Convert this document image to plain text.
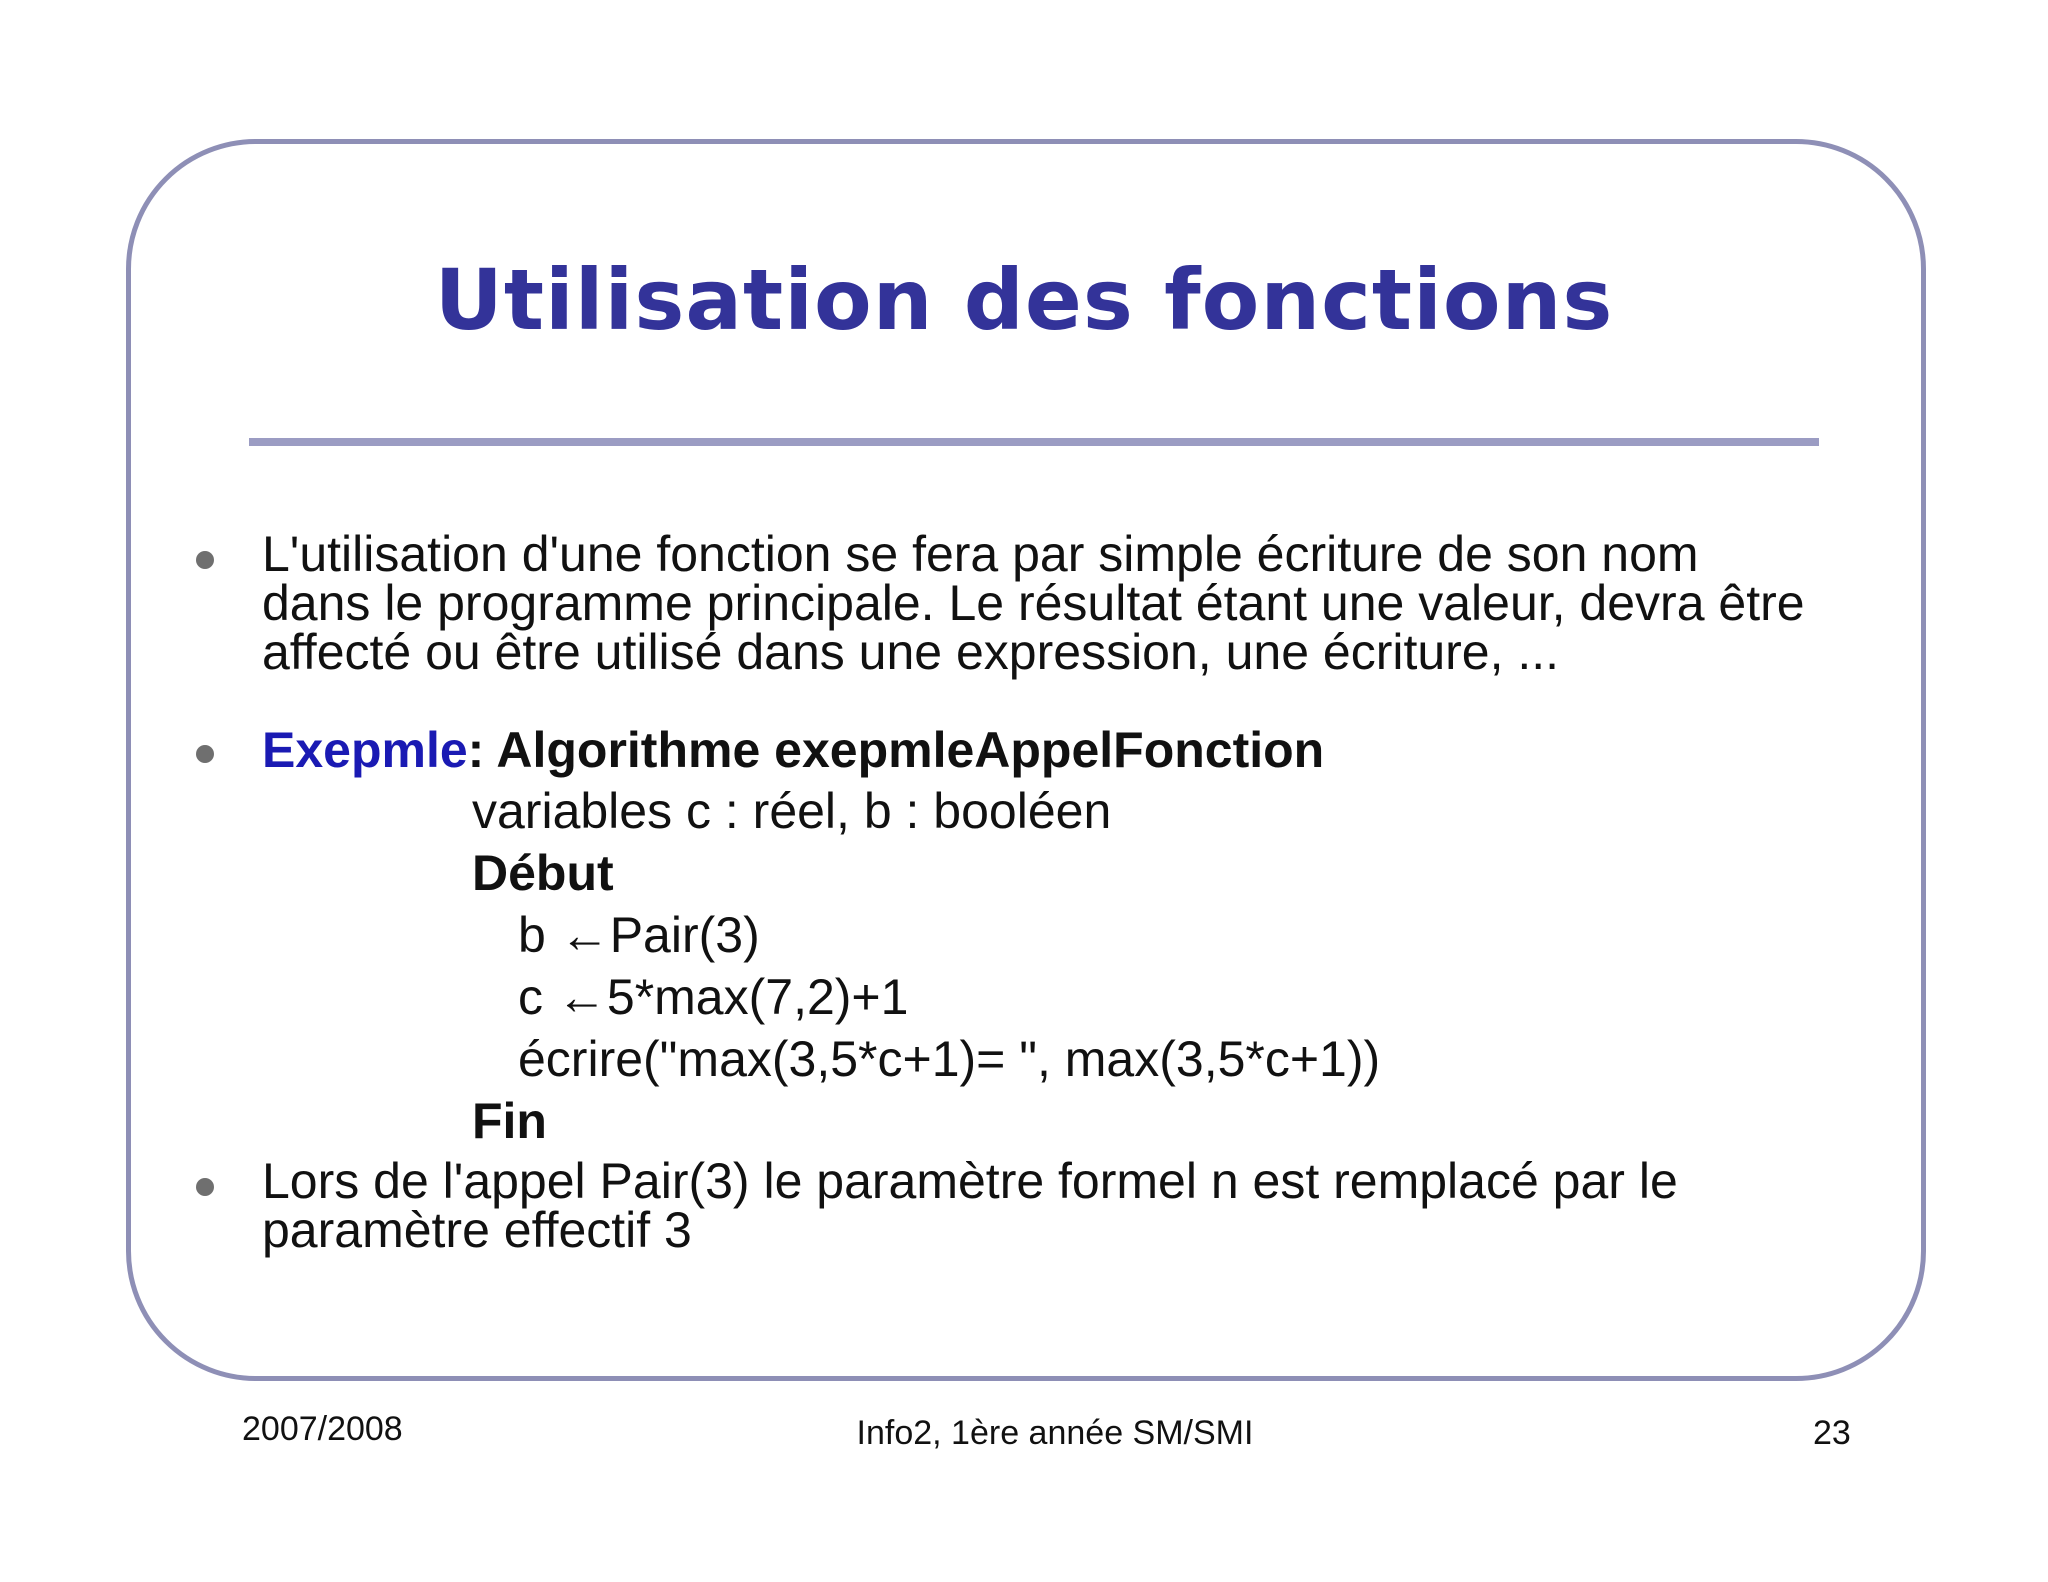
Utilisation des fonctions
L'utilisation d'une fonction se fera par simple écriture de son nom
dans le programme principale. Le résultat étant une valeur, devra être
affecté ou être utilisé dans une expression, une écriture, ...
Exepmle: Algorithme exepmleAppelFonction
variables c : réel, b : booléen
Début
b ←Pair(3)
c ←5*max(7,2)+1
écrire("max(3,5*c+1)= ", max(3,5*c+1))
Fin
Lors de l'appel Pair(3) le paramètre formel n est remplacé par le
paramètre effectif 3
2007/2008	Info2, 1ère année SM/SMI	23
